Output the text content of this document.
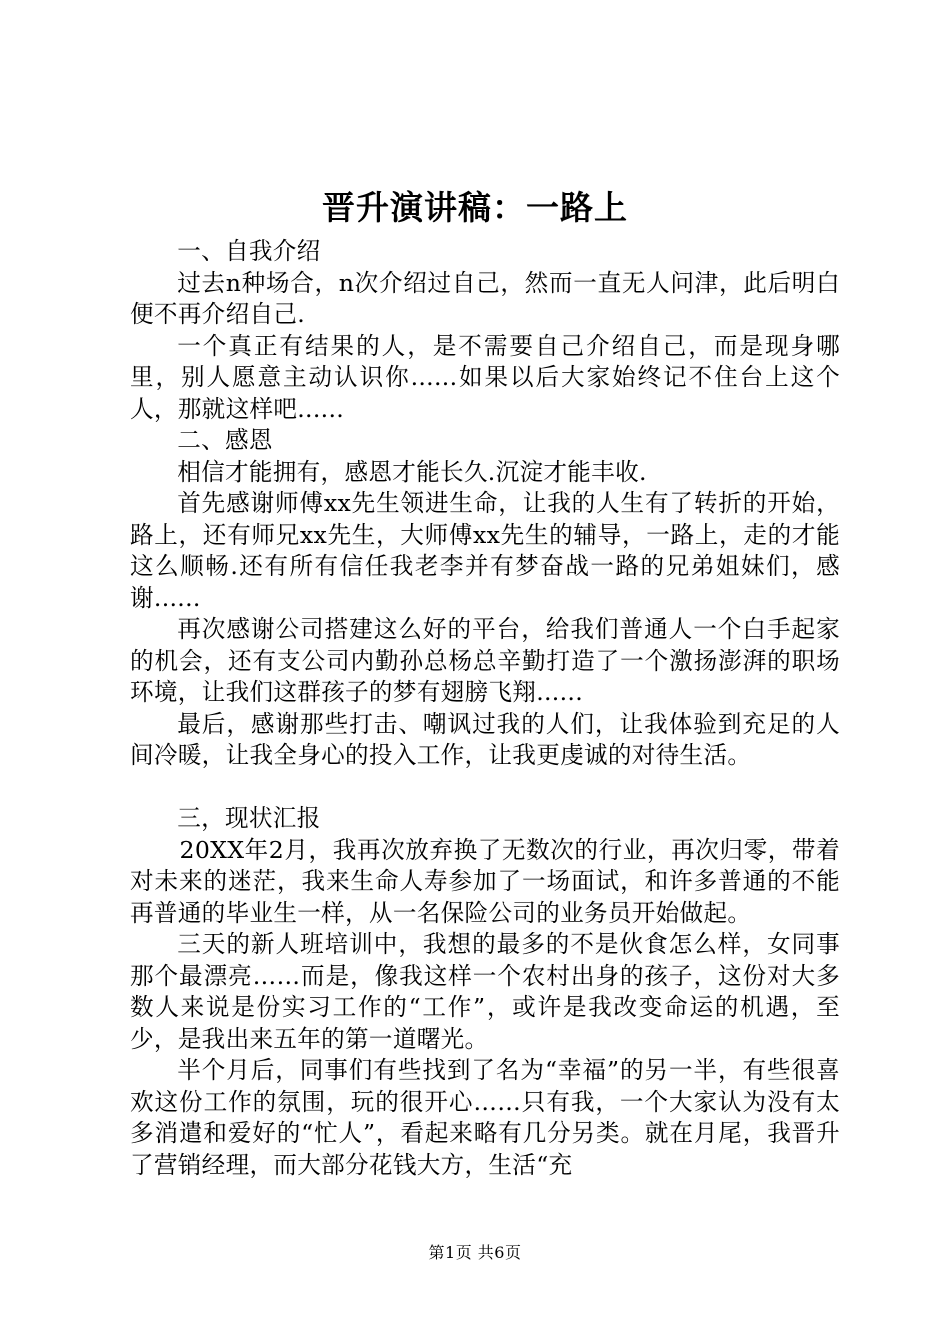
晋升演讲稿：一路上

一、自我介绍

过去n种场合，n次介绍过自己，然而一直无人问津，此后明白便不再介绍自己.

一个真正有结果的人，是不需要自己介绍自己，而是现身哪里，别人愿意主动认识你......如果以后大家始终记不住台上这个人，那就这样吧......

二、感恩

相信才能拥有，感恩才能长久.沉淀才能丰收.

首先感谢师傅xx先生领进生命，让我的人生有了转折的开始，路上，还有师兄xx先生，大师傅xx先生的辅导，一路上，走的才能这么顺畅.还有所有信任我老李并有梦奋战一路的兄弟姐妹们，感谢......

再次感谢公司搭建这么好的平台，给我们普通人一个白手起家的机会，还有支公司内勤孙总杨总辛勤打造了一个激扬澎湃的职场环境，让我们这群孩子的梦有翅膀飞翔......

最后，感谢那些打击、嘲讽过我的人们，让我体验到充足的人间冷暖，让我全身心的投入工作，让我更虔诚的对待生活。

三，现状汇报

20XX年2月，我再次放弃换了无数次的行业，再次归零，带着对未来的迷茫，我来生命人寿参加了一场面试，和许多普通的不能再普通的毕业生一样，从一名保险公司的业务员开始做起。

三天的新人班培训中，我想的最多的不是伙食怎么样，女同事那个最漂亮……而是，像我这样一个农村出身的孩子，这份对大多数人来说是份实习工作的“工作”，或许是我改变命运的机遇，至少，是我出来五年的第一道曙光。

半个月后，同事们有些找到了名为“幸福”的另一半，有些很喜欢这份工作的氛围，玩的很开心……只有我，一个大家认为没有太多消遣和爱好的“忙人”，看起来略有几分另类。就在月尾，我晋升了营销经理，而大部分花钱大方，生活“充

第1页 共6页
